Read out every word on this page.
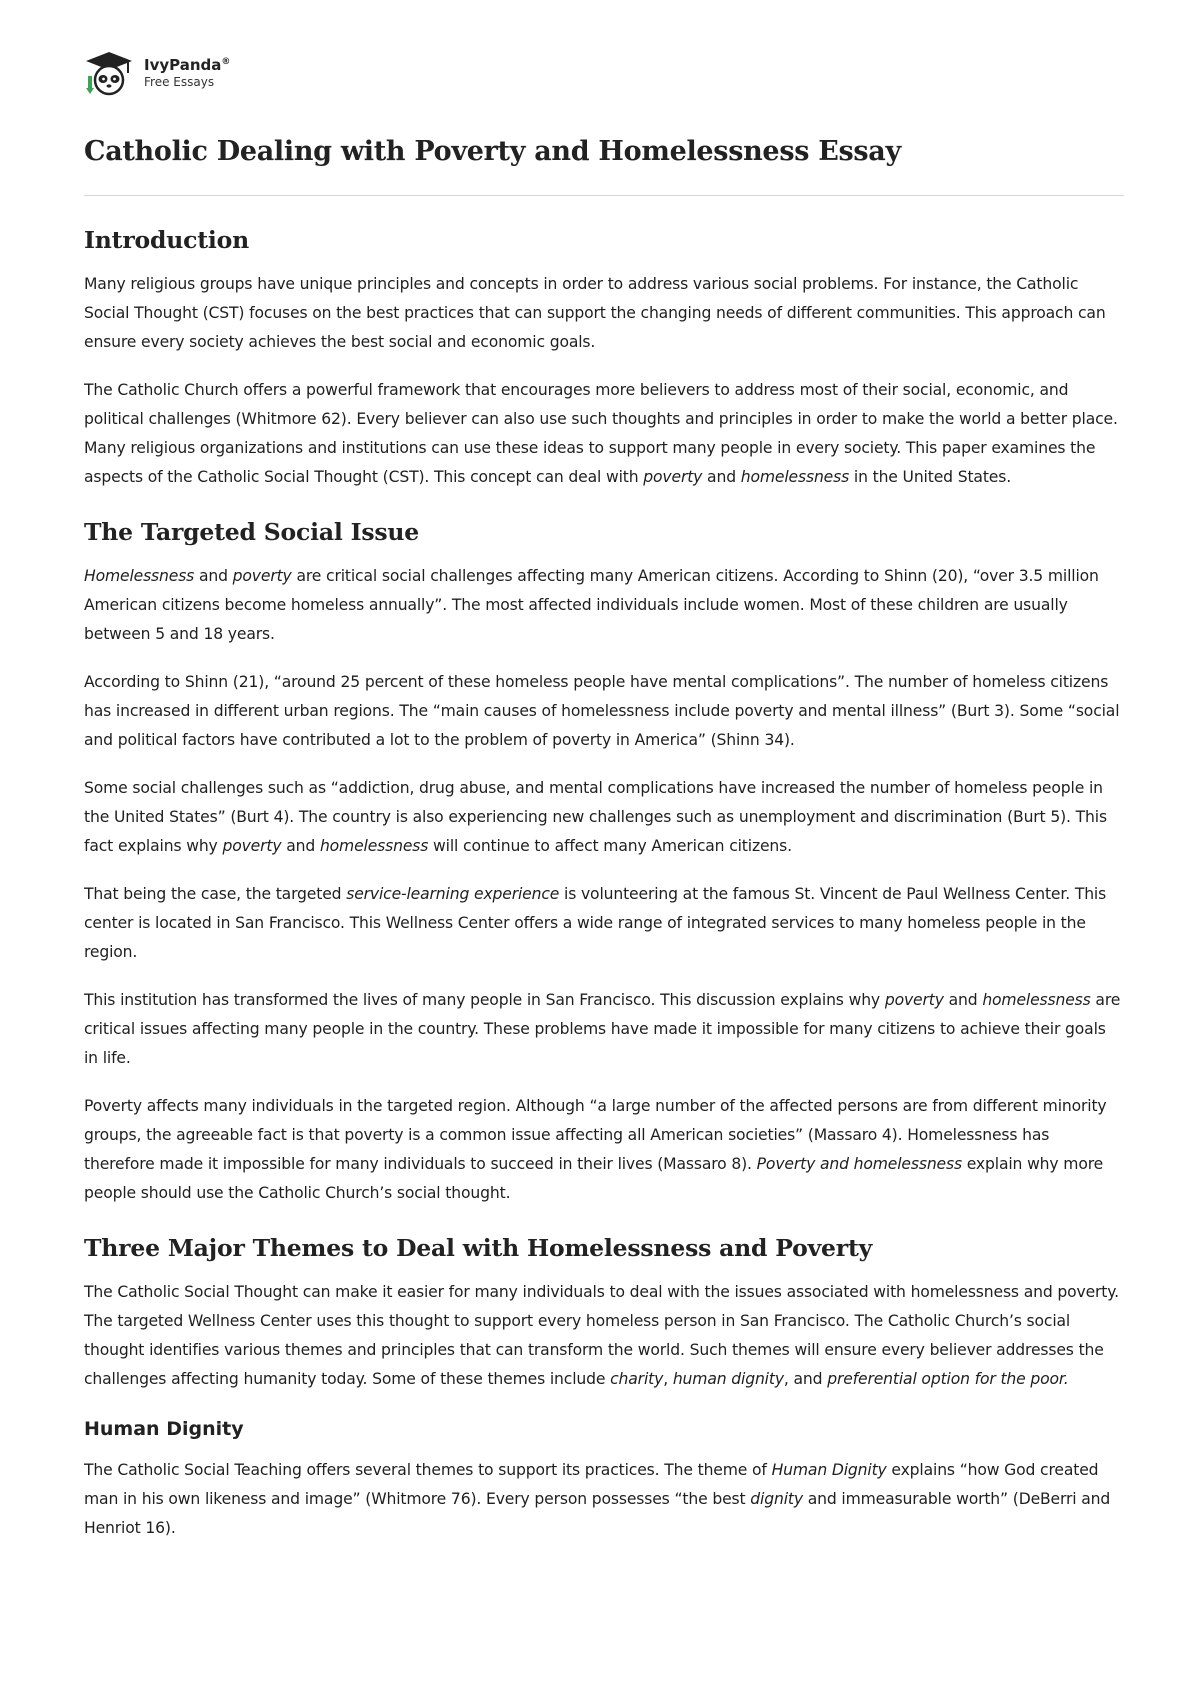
IvyPanda®
Free Essays
Catholic Dealing with Poverty and Homelessness Essay
Introduction

Many religious groups have unique principles and concepts in order to address various social problems. For instance, the Catholic Social Thought (CST) focuses on the best practices that can support the changing needs of different communities. This approach can ensure every society achieves the best social and economic goals.

The Catholic Church offers a powerful framework that encourages more believers to address most of their social, economic, and political challenges (Whitmore 62). Every believer can also use such thoughts and principles in order to make the world a better place. Many religious organizations and institutions can use these ideas to support many people in every society. This paper examines the aspects of the Catholic Social Thought (CST). This concept can deal with poverty and homelessness in the United States.

The Targeted Social Issue

Homelessness and poverty are critical social challenges affecting many American citizens. According to Shinn (20), “over 3.5 million American citizens become homeless annually”. The most affected individuals include women. Most of these children are usually between 5 and 18 years.

According to Shinn (21), “around 25 percent of these homeless people have mental complications”. The number of homeless citizens has increased in different urban regions. The “main causes of homelessness include poverty and mental illness” (Burt 3). Some “social and political factors have contributed a lot to the problem of poverty in America” (Shinn 34).

Some social challenges such as “addiction, drug abuse, and mental complications have increased the number of homeless people in the United States” (Burt 4). The country is also experiencing new challenges such as unemployment and discrimination (Burt 5). This fact explains why poverty and homelessness will continue to affect many American citizens.

That being the case, the targeted service-learning experience is volunteering at the famous St. Vincent de Paul Wellness Center. This center is located in San Francisco. This Wellness Center offers a wide range of integrated services to many homeless people in the region.

This institution has transformed the lives of many people in San Francisco. This discussion explains why poverty and homelessness are critical issues affecting many people in the country. These problems have made it impossible for many citizens to achieve their goals in life.

Poverty affects many individuals in the targeted region. Although “a large number of the affected persons are from different minority groups, the agreeable fact is that poverty is a common issue affecting all American societies” (Massaro 4). Homelessness has therefore made it impossible for many individuals to succeed in their lives (Massaro 8). Poverty and homelessness explain why more people should use the Catholic Church’s social thought.

Three Major Themes to Deal with Homelessness and Poverty

The Catholic Social Thought can make it easier for many individuals to deal with the issues associated with homelessness and poverty. The targeted Wellness Center uses this thought to support every homeless person in San Francisco. The Catholic Church’s social thought identifies various themes and principles that can transform the world. Such themes will ensure every believer addresses the challenges affecting humanity today. Some of these themes include charity, human dignity, and preferential option for the poor.

Human Dignity

The Catholic Social Teaching offers several themes to support its practices. The theme of Human Dignity explains “how God created man in his own likeness and image” (Whitmore 76). Every person possesses “the best dignity and immeasurable worth” (DeBerri and Henriot 16).
